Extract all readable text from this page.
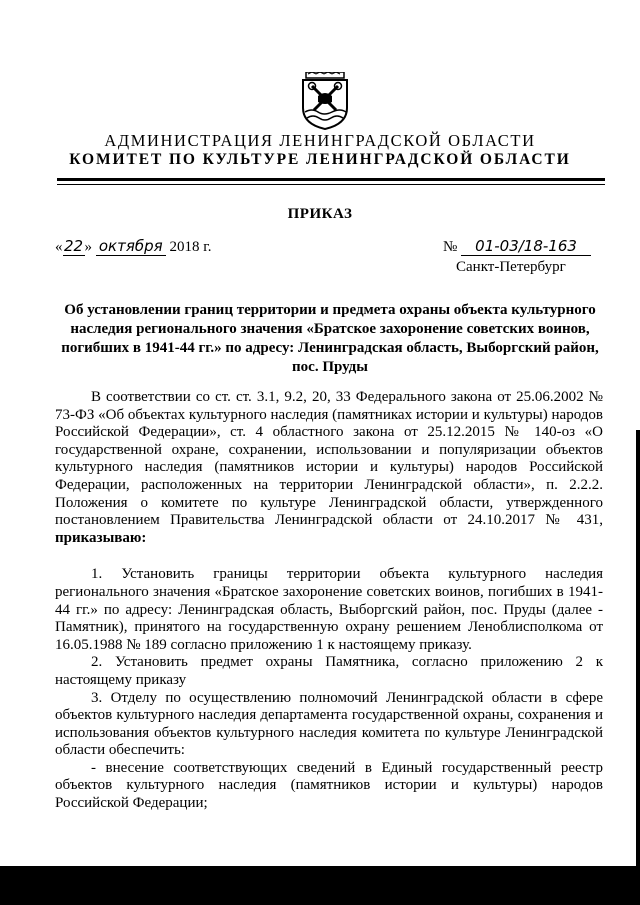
АДМИНИСТРАЦИЯ ЛЕНИНГРАДСКОЙ ОБЛАСТИ
КОМИТЕТ ПО КУЛЬТУРЕ ЛЕНИНГРАДСКОЙ ОБЛАСТИ
ПРИКАЗ
«22» октября 2018 г.	№ 01-03/18-163
Санкт-Петербург
Об установлении границ территории и предмета охраны объекта культурного наследия регионального значения «Братское захоронение советских воинов, погибших в 1941-44 гг.» по адресу: Ленинградская область, Выборгский район, пос. Пруды

В соответствии со ст. ст. 3.1, 9.2, 20, 33 Федерального закона от 25.06.2002 № 73-ФЗ «Об объектах культурного наследия (памятниках истории и культуры) народов Российской Федерации», ст. 4 областного закона от 25.12.2015 № 140-оз «О государственной охране, сохранении, использовании и популяризации объектов культурного наследия (памятников истории и культуры) народов Российской Федерации, расположенных на территории Ленинградской области», п. 2.2.2. Положения о комитете по культуре Ленинградской области, утвержденного постановлением Правительства Ленинградской области от 24.10.2017 № 431, приказываю:

1. Установить границы территории объекта культурного наследия регионального значения «Братское захоронение советских воинов, погибших в 1941-44 гг.» по адресу: Ленинградская область, Выборгский район, пос. Пруды (далее - Памятник), принятого на государственную охрану решением Леноблисполкома от 16.05.1988 № 189 согласно приложению 1 к настоящему приказу.

2. Установить предмет охраны Памятника, согласно приложению 2 к настоящему приказу

3. Отделу по осуществлению полномочий Ленинградской области в сфере объектов культурного наследия департамента государственной охраны, сохранения и использования объектов культурного наследия комитета по культуре Ленинградской области обеспечить:

- внесение соответствующих сведений в Единый государственный реестр объектов культурного наследия (памятников истории и культуры) народов Российской Федерации;
